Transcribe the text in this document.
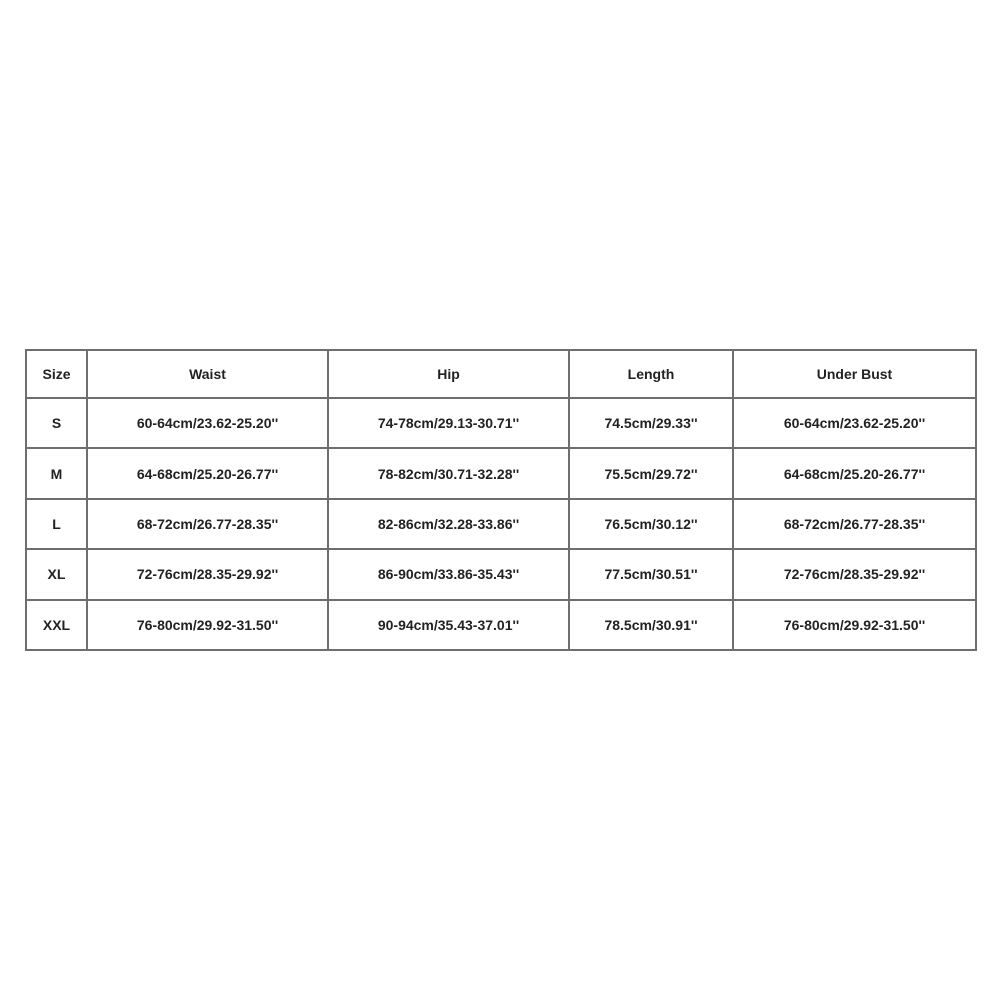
Size	Waist	Hip	Length	Under Bust
S	60-64cm/23.62-25.20''	74-78cm/29.13-30.71''	74.5cm/29.33''	60-64cm/23.62-25.20''
M	64-68cm/25.20-26.77''	78-82cm/30.71-32.28''	75.5cm/29.72''	64-68cm/25.20-26.77''
L	68-72cm/26.77-28.35''	82-86cm/32.28-33.86''	76.5cm/30.12''	68-72cm/26.77-28.35''
XL	72-76cm/28.35-29.92''	86-90cm/33.86-35.43''	77.5cm/30.51''	72-76cm/28.35-29.92''
XXL	76-80cm/29.92-31.50''	90-94cm/35.43-37.01''	78.5cm/30.91''	76-80cm/29.92-31.50''
